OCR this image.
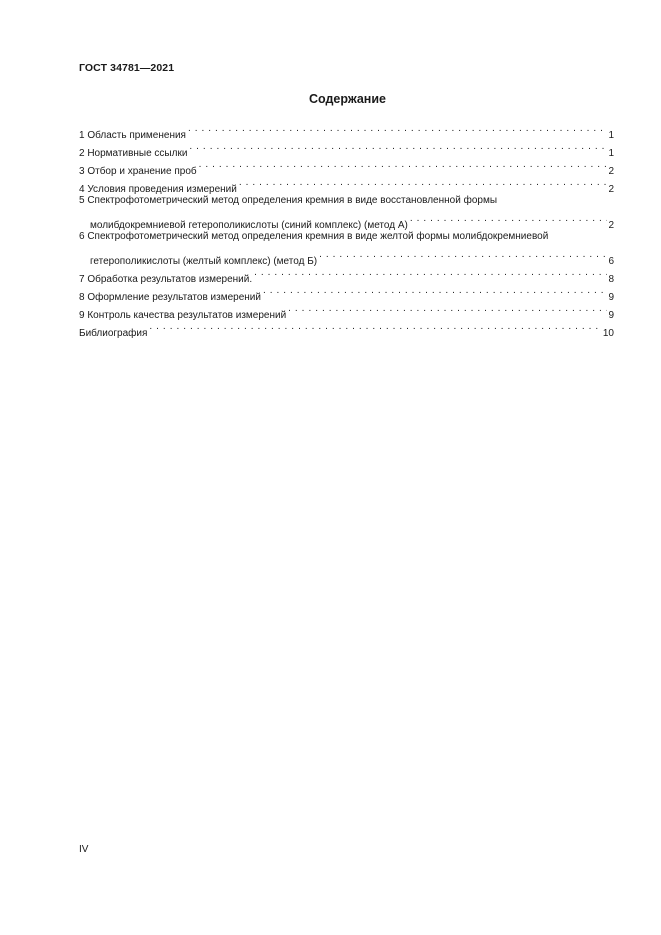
ГОСТ 34781—2021
Содержание
1 Область применения . . .	1
2 Нормативные ссылки . . .	1
3 Отбор и хранение проб . . .	2
4 Условия проведения измерений . . .	2
5 Спектрофотометрический метод определения кремния в виде восстановленной формы
молибдокремниевой гетерополикислоты (синий комплекс) (метод А) . . .	2
6 Спектрофотометрический метод определения кремния в виде желтой формы молибдокремниевой
гетерополикислоты (желтый комплекс) (метод Б) . . .	6
7 Обработка результатов измерений. . . .	8
8 Оформление результатов измерений . . .	9
9 Контроль качества результатов измерений . . .	9
Библиография . . .	10
IV
